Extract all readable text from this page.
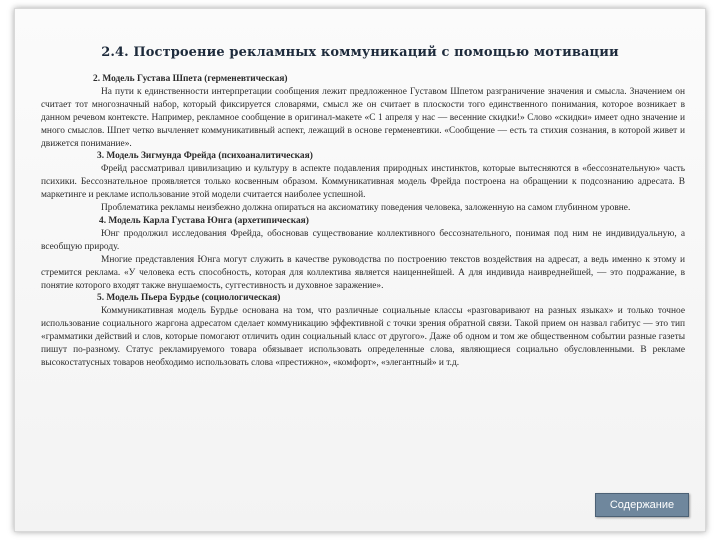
2.4. Построение рекламных коммуникаций с помощью мотивации

2. Модель Густава Шпета (герменевтическая)

На пути к единственности интерпретации сообщения лежит предложенное Густавом Шпетом разграничение значения и смысла. Значением он считает тот многозначный набор, который фиксируется словарями, смысл же он считает в плоскости того единственного понимания, которое возникает в данном речевом контексте. Например, рекламное сообщение в оригинал-макете «С 1 апреля у нас — весенние скидки!» Слово «скидки» имеет одно значение и много смыслов. Шпет четко вычленяет коммуникативный аспект, лежащий в основе герменевтики. «Сообщение — есть та стихия сознания, в которой живет и движется понимание».

3. Модель Зигмунда Фрейда (психоаналитическая)

Фрейд рассматривал цивилизацию и культуру в аспекте подавления природных инстинктов, которые вытесняются в «бессознательную» часть психики. Бессознательное проявляется только косвенным образом. Коммуникативная модель Фрейда построена на обращении к подсознанию адресата. В маркетинге и рекламе использование этой модели считается наиболее успешной.

Проблематика рекламы неизбежно должна опираться на аксиоматику поведения человека, заложенную на самом глубинном уровне.

4. Модель Карла Густава Юнга (архетипическая)

Юнг продолжил исследования Фрейда, обосновав существование коллективного бессознательного, понимая под ним не индивидуальную, а всеобщую природу.

Многие представления Юнга могут служить в качестве руководства по построению текстов воздействия на адресат, а ведь именно к этому и стремится реклама. «У человека есть способность, которая для коллектива является наиценнейшей. А для индивида наивреднейшей, — это подражание, в понятие которого входят также внушаемость, суггестивность и духовное заражение».

5. Модель Пьера Бурдье (социологическая)

Коммуникативная модель Бурдье основана на том, что различные социальные классы «разговаривают на разных языках» и только точное использование социального жаргона адресатом сделает коммуникацию эффективной с точки зрения обратной связи. Такой прием он назвал габитус — это тип «грамматики действий и слов, которые помогают отличить один социальный класс от другого». Даже об одном и том же общественном событии разные газеты пишут по-разному. Статус рекламируемого товара обязывает использовать определенные слова, являющиеся социально обусловленными. В рекламе высокостатусных товаров необходимо использовать слова «престижно», «комфорт», «элегантный» и т.д.

Содержание
